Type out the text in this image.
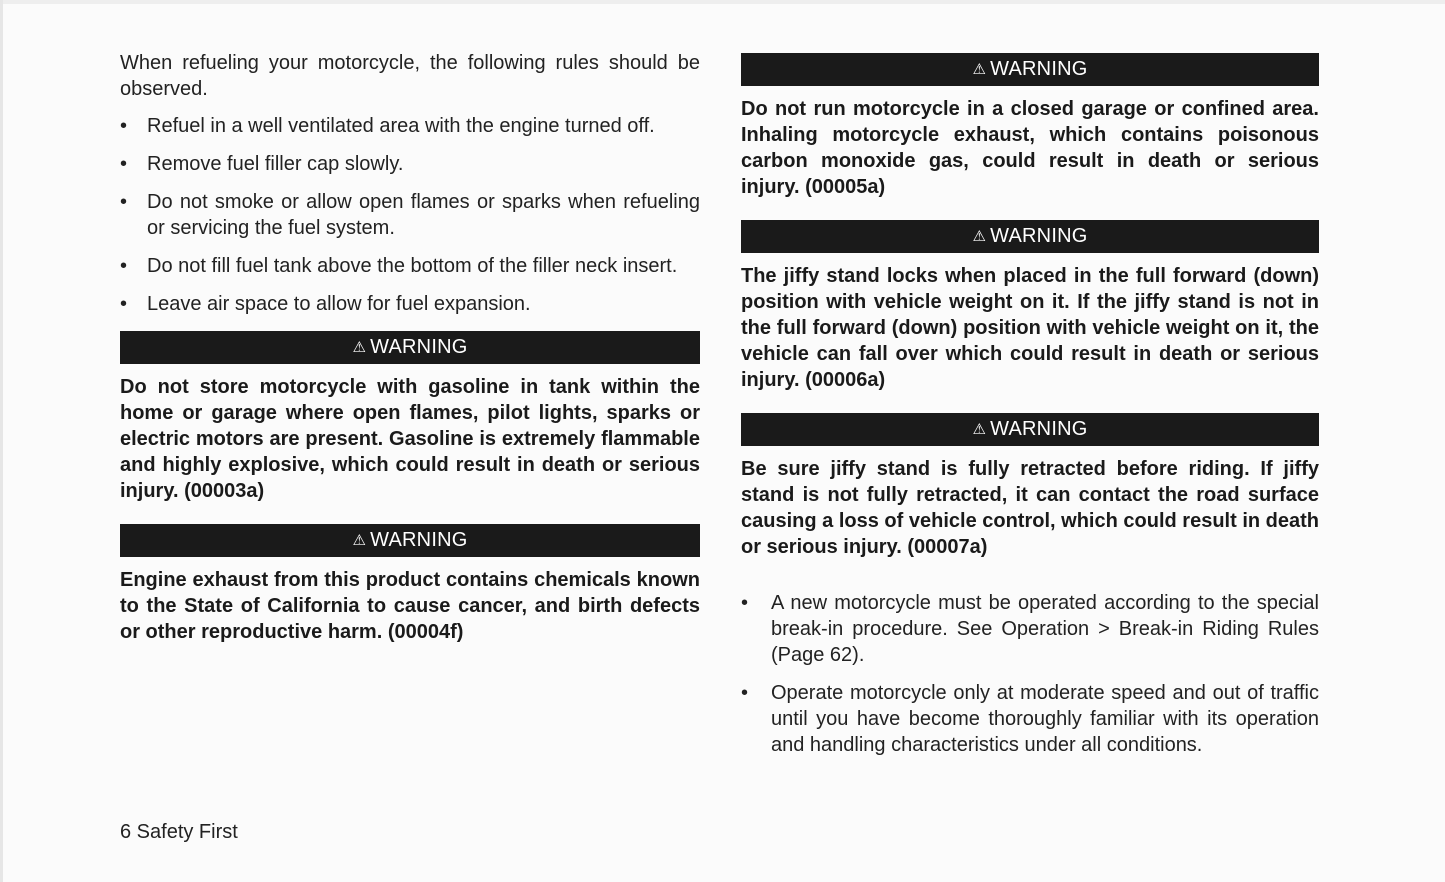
When refueling your motorcycle, the following rules should be observed.

• Refuel in a well ventilated area with the engine turned off.
• Remove fuel filler cap slowly.
• Do not smoke or allow open flames or sparks when refueling or servicing the fuel system.
• Do not fill fuel tank above the bottom of the filler neck insert.
• Leave air space to allow for fuel expansion.
⚠ WARNING

Do not store motorcycle with gasoline in tank within the home or garage where open flames, pilot lights, sparks or electric motors are present. Gasoline is extremely flammable and highly explosive, which could result in death or serious injury. (00003a)

⚠ WARNING

Engine exhaust from this product contains chemicals known to the State of California to cause cancer, and birth defects or other reproductive harm. (00004f)

⚠ WARNING

Do not run motorcycle in a closed garage or confined area. Inhaling motorcycle exhaust, which contains poisonous carbon monoxide gas, could result in death or serious injury. (00005a)

⚠ WARNING

The jiffy stand locks when placed in the full forward (down) position with vehicle weight on it. If the jiffy stand is not in the full forward (down) position with vehicle weight on it, the vehicle can fall over which could result in death or serious injury. (00006a)

⚠ WARNING

Be sure jiffy stand is fully retracted before riding. If jiffy stand is not fully retracted, it can contact the road surface causing a loss of vehicle control, which could result in death or serious injury. (00007a)

• A new motorcycle must be operated according to the special break-in procedure. See Operation > Break-in Riding Rules (Page 62).
• Operate motorcycle only at moderate speed and out of traffic until you have become thoroughly familiar with its operation and handling characteristics under all conditions.
6 Safety First
